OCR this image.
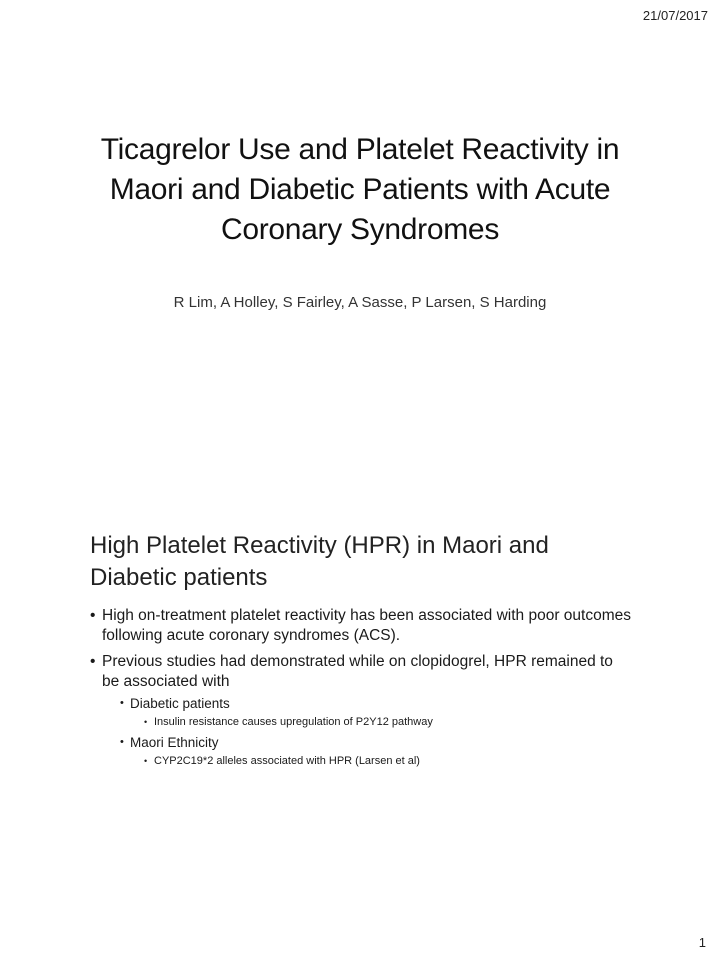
21/07/2017
Ticagrelor Use and Platelet Reactivity in Maori and Diabetic Patients with Acute Coronary Syndromes
R Lim, A Holley, S Fairley, A Sasse, P Larsen, S Harding
High Platelet Reactivity (HPR) in Maori and Diabetic patients
• High on-treatment platelet reactivity has been associated with poor outcomes following acute coronary syndromes (ACS).
• Previous studies had demonstrated while on clopidogrel, HPR remained to be associated with
• Diabetic patients
• Insulin resistance causes upregulation of P2Y12 pathway
• Maori Ethnicity
• CYP2C19*2 alleles associated with HPR (Larsen et al)
1
